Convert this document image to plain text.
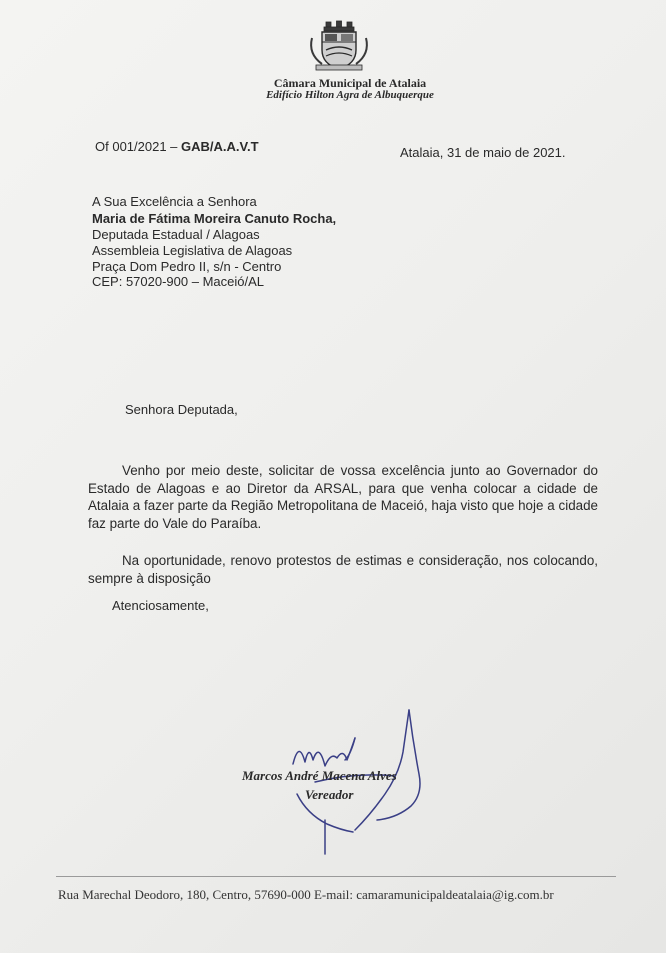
Câmara Municipal de Atalaia
Edifício Hilton Agra de Albuquerque
Of 001/2021 – GAB/A.A.V.T	Atalaia, 31 de maio de 2021.
A Sua Excelência a Senhora
Maria de Fátima Moreira Canuto Rocha,
Deputada Estadual / Alagoas
Assembleia Legislativa de Alagoas
Praça Dom Pedro II, s/n - Centro
CEP: 57020-900 – Maceió/AL
Senhora Deputada,
Venho por meio deste, solicitar de vossa excelência junto ao Governador do Estado de Alagoas e ao Diretor da ARSAL, para que venha colocar a cidade de Atalaia a fazer parte da Região Metropolitana de Maceió, haja visto que hoje a cidade faz parte do Vale do Paraíba.
Na oportunidade, renovo protestos de estimas e consideração, nos colocando, sempre à disposição
Atenciosamente,
Marcos André Macena Alves
Vereador
Rua Marechal Deodoro, 180, Centro, 57690-000 E-mail: camaramunicipaldeatalaia@ig.com.br
